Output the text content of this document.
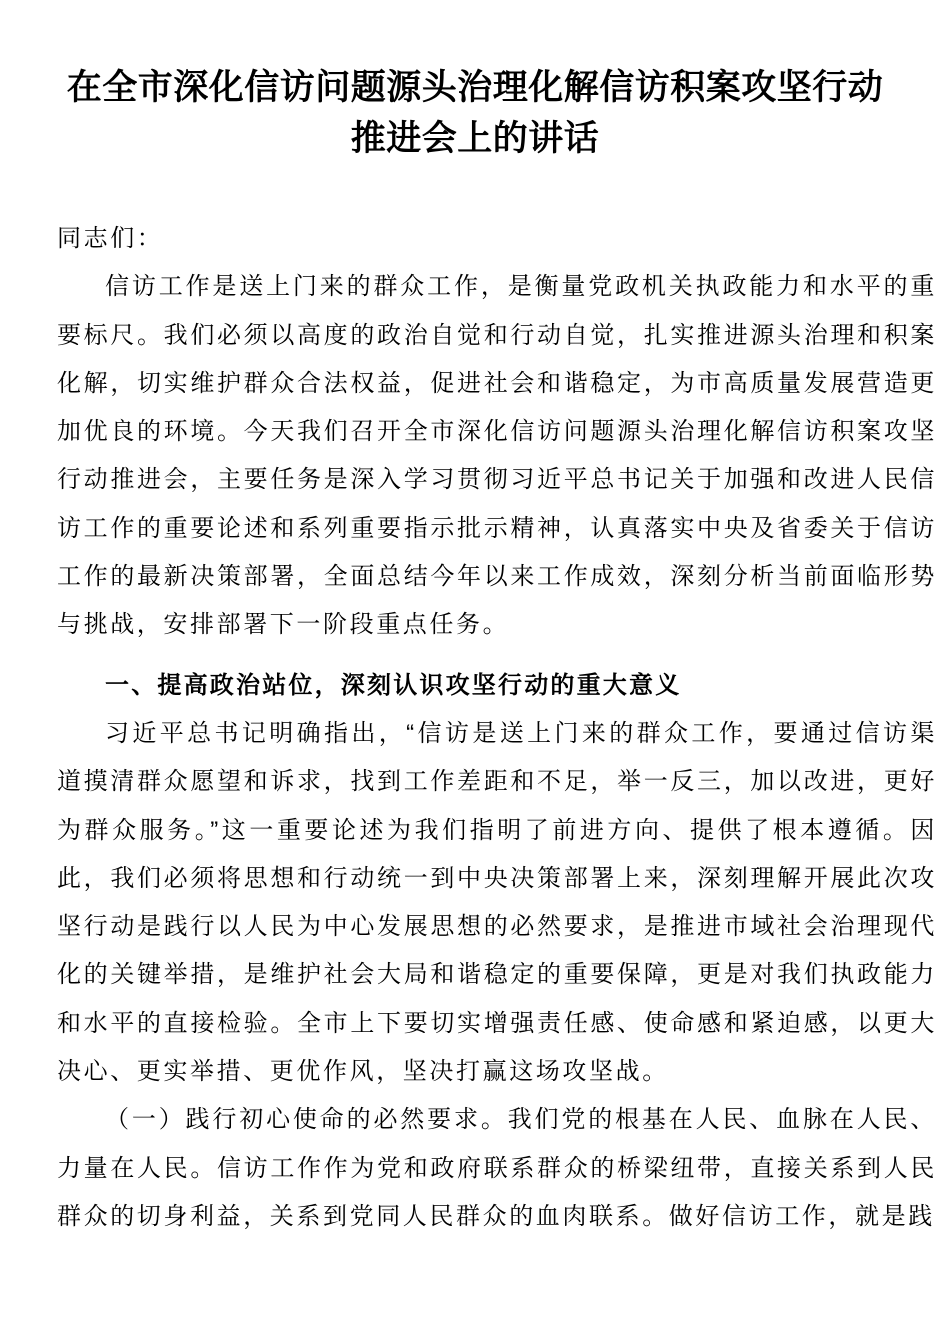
在全市深化信访问题源头治理化解信访积案攻坚行动
推进会上的讲话

同志们：

信访工作是送上门来的群众工作，是衡量党政机关执政能力和水平的重要标尺。我们必须以高度的政治自觉和行动自觉，扎实推进源头治理和积案化解，切实维护群众合法权益，促进社会和谐稳定，为市高质量发展营造更加优良的环境。今天我们召开全市深化信访问题源头治理化解信访积案攻坚行动推进会，主要任务是深入学习贯彻习近平总书记关于加强和改进人民信访工作的重要论述和系列重要指示批示精神，认真落实中央及省委关于信访工作的最新决策部署，全面总结今年以来工作成效，深刻分析当前面临形势与挑战，安排部署下一阶段重点任务。

一、提高政治站位，深刻认识攻坚行动的重大意义

习近平总书记明确指出，“信访是送上门来的群众工作，要通过信访渠道摸清群众愿望和诉求，找到工作差距和不足，举一反三，加以改进，更好为群众服务。”这一重要论述为我们指明了前进方向、提供了根本遵循。因此，我们必须将思想和行动统一到中央决策部署上来，深刻理解开展此次攻坚行动是践行以人民为中心发展思想的必然要求，是推进市域社会治理现代化的关键举措，是维护社会大局和谐稳定的重要保障，更是对我们执政能力和水平的直接检验。全市上下要切实增强责任感、使命感和紧迫感，以更大决心、更实举措、更优作风，坚决打赢这场攻坚战。

（一）践行初心使命的必然要求。我们党的根基在人民、血脉在人民、力量在人民。信访工作作为党和政府联系群众的桥梁纽带，直接关系到人民群众的切身利益，关系到党同人民群众的血肉联系。做好信访工作，就是践
